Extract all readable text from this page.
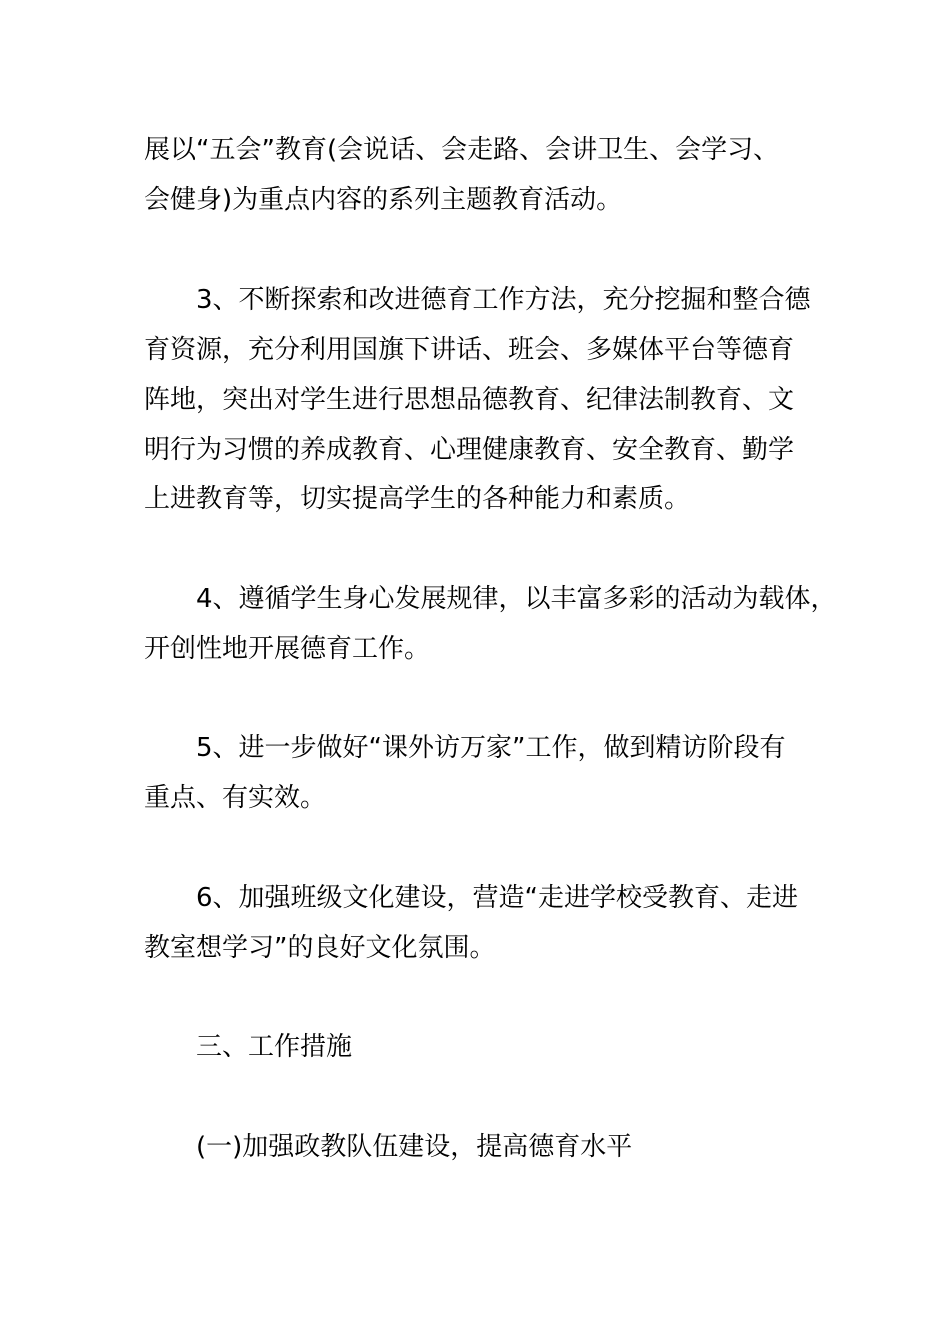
展以“五会”教育(会说话、会走路、会讲卫生、会学习、
会健身)为重点内容的系列主题教育活动。
3、不断探索和改进德育工作方法，充分挖掘和整合德
育资源，充分利用国旗下讲话、班会、多媒体平台等德育
阵地，突出对学生进行思想品德教育、纪律法制教育、文
明行为习惯的养成教育、心理健康教育、安全教育、勤学
上进教育等，切实提高学生的各种能力和素质。
4、遵循学生身心发展规律，以丰富多彩的活动为载体，
开创性地开展德育工作。
5、进一步做好“课外访万家”工作，做到精访阶段有
重点、有实效。
6、加强班级文化建设，营造“走进学校受教育、走进
教室想学习”的良好文化氛围。
三、工作措施
(一)加强政教队伍建设，提高德育水平
